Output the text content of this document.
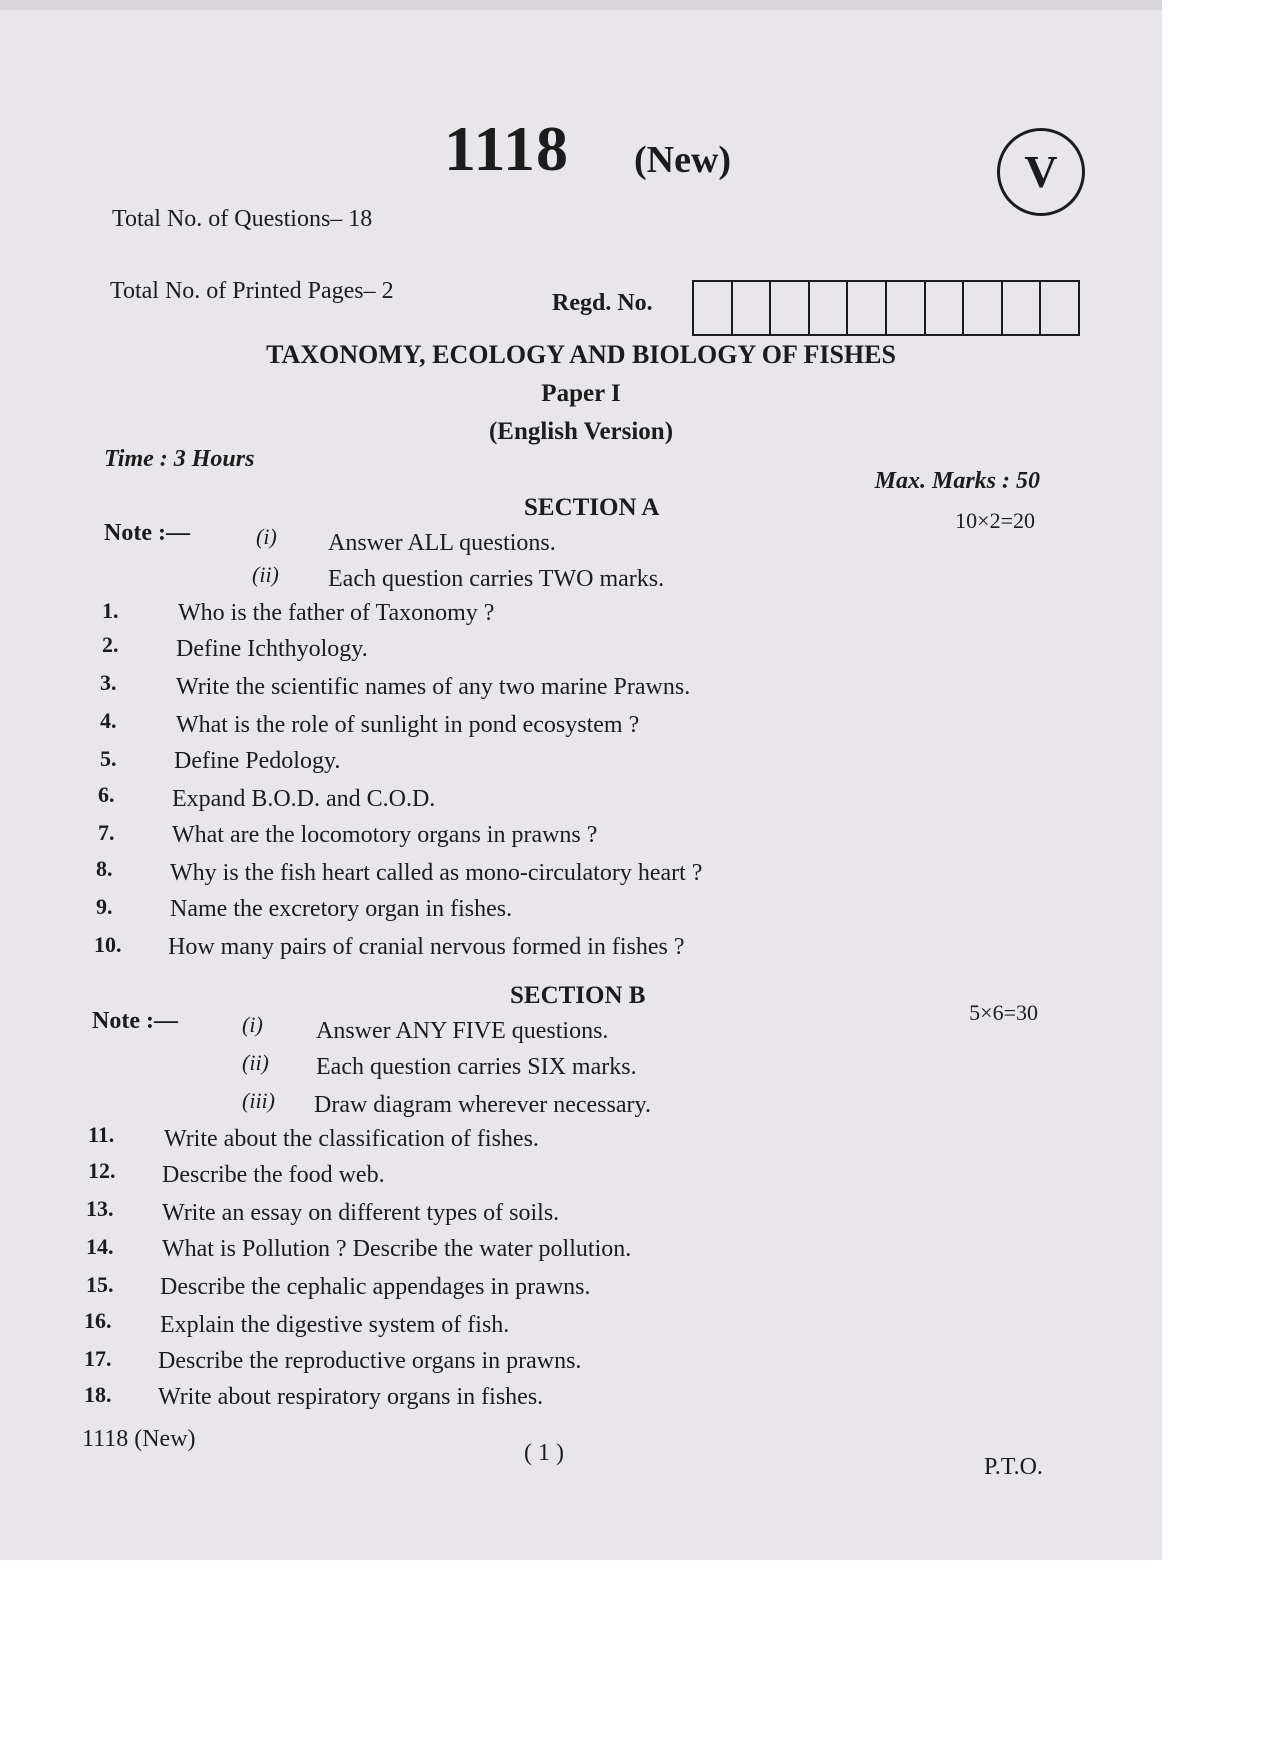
1118 (New)	V
Total No. of Questions– 18
Total No. of Printed Pages– 2	Regd. No.
TAXONOMY, ECOLOGY AND BIOLOGY OF FISHES
Paper I
(English Version)
Time : 3 Hours
Max. Marks : 50
SECTION A	10×2=20
Note :—	(i) Answer ALL questions.
(ii) Each question carries TWO marks.
1. Who is the father of Taxonomy ?
2. Define Ichthyology.
3. Write the scientific names of any two marine Prawns.
4. What is the role of sunlight in pond ecosystem ?
5. Define Pedology.
6. Expand B.O.D. and C.O.D.
7. What are the locomotory organs in prawns ?
8. Why is the fish heart called as mono-circulatory heart ?
9. Name the excretory organ in fishes.
10. How many pairs of cranial nervous formed in fishes ?
SECTION B
5×6=30
Note :—	(i) Answer ANY FIVE questions.
(ii) Each question carries SIX marks.
(iii) Draw diagram wherever necessary.
11. Write about the classification of fishes.
12. Describe the food web.
13. Write an essay on different types of soils.
14. What is Pollution ? Describe the water pollution.
15. Describe the cephalic appendages in prawns.
16. Explain the digestive system of fish.
17. Describe the reproductive organs in prawns.
18. Write about respiratory organs in fishes.
1118 (New)
( 1 )
P.T.O.
